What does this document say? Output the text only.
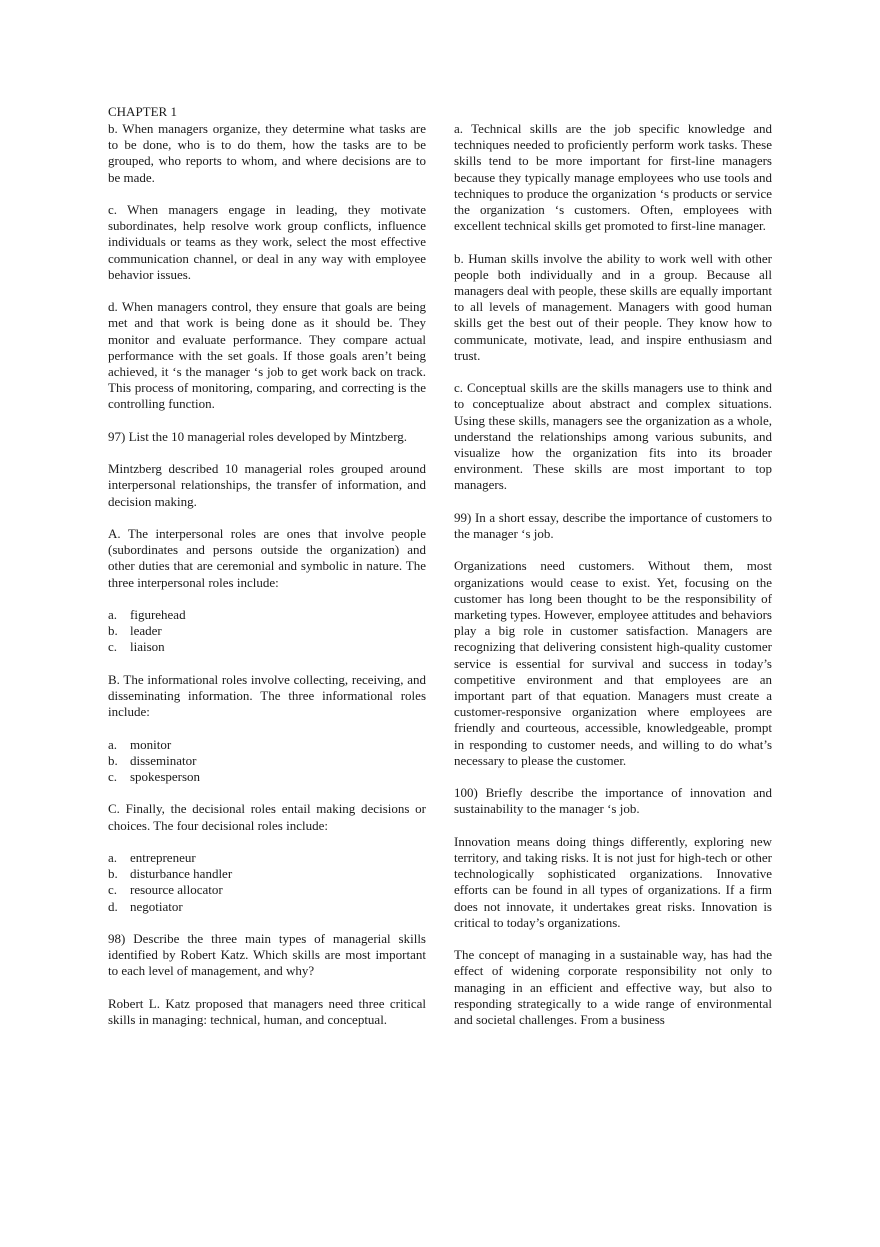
CHAPTER 1

b. When managers organize, they determine what tasks are to be done, who is to do them, how the tasks are to be grouped, who reports to whom, and where decisions are to be made.

c. When managers engage in leading, they motivate subordinates, help resolve work group conflicts, influence individuals or teams as they work, select the most effective communication channel, or deal in any way with employee behavior issues.

d. When managers control, they ensure that goals are being met and that work is being done as it should be. They monitor and evaluate performance. They compare actual performance with the set goals. If those goals aren’t being achieved, it ‘s the manager ‘s job to get work back on track. This process of monitoring, comparing, and correcting is the controlling function.

97) List the 10 managerial roles developed by Mintzberg.

Mintzberg described 10 managerial roles grouped around interpersonal relationships, the transfer of information, and decision making.

A. The interpersonal roles are ones that involve people (subordinates and persons outside the organization) and other duties that are ceremonial and symbolic in nature. The three interpersonal roles include:

a. figurehead
b. leader
c. liaison

B. The informational roles involve collecting, receiving, and disseminating information. The three informational roles include:

a. monitor
b. disseminator
c. spokesperson

C. Finally, the decisional roles entail making decisions or choices. The four decisional roles include:

a. entrepreneur
b. disturbance handler
c. resource allocator
d. negotiator

98) Describe the three main types of managerial skills identified by Robert Katz. Which skills are most important to each level of management, and why?

Robert L. Katz proposed that managers need three critical skills in managing: technical, human, and conceptual.

a. Technical skills are the job specific knowledge and techniques needed to proficiently perform work tasks. These skills tend to be more important for first-line managers because they typically manage employees who use tools and techniques to produce the organization ‘s products or service the organization ‘s customers. Often, employees with excellent technical skills get promoted to first-line manager.

b. Human skills involve the ability to work well with other people both individually and in a group. Because all managers deal with people, these skills are equally important to all levels of management. Managers with good human skills get the best out of their people. They know how to communicate, motivate, lead, and inspire enthusiasm and trust.

c. Conceptual skills are the skills managers use to think and to conceptualize about abstract and complex situations. Using these skills, managers see the organization as a whole, understand the relationships among various subunits, and visualize how the organization fits into its broader environment. These skills are most important to top managers.

99) In a short essay, describe the importance of customers to the manager ‘s job.

Organizations need customers. Without them, most organizations would cease to exist. Yet, focusing on the customer has long been thought to be the responsibility of marketing types. However, employee attitudes and behaviors play a big role in customer satisfaction. Managers are recognizing that delivering consistent high-quality customer service is essential for survival and success in today’s competitive environment and that employees are an important part of that equation. Managers must create a customer-responsive organization where employees are friendly and courteous, accessible, knowledgeable, prompt in responding to customer needs, and willing to do what’s necessary to please the customer.

100) Briefly describe the importance of innovation and sustainability to the manager ‘s job.

Innovation means doing things differently, exploring new territory, and taking risks. It is not just for high-tech or other technologically sophisticated organizations. Innovative efforts can be found in all types of organizations. If a firm does not innovate, it undertakes great risks. Innovation is critical to today’s organizations.

The concept of managing in a sustainable way, has had the effect of widening corporate responsibility not only to managing in an efficient and effective way, but also to responding strategically to a wide range of environmental and societal challenges. From a business
